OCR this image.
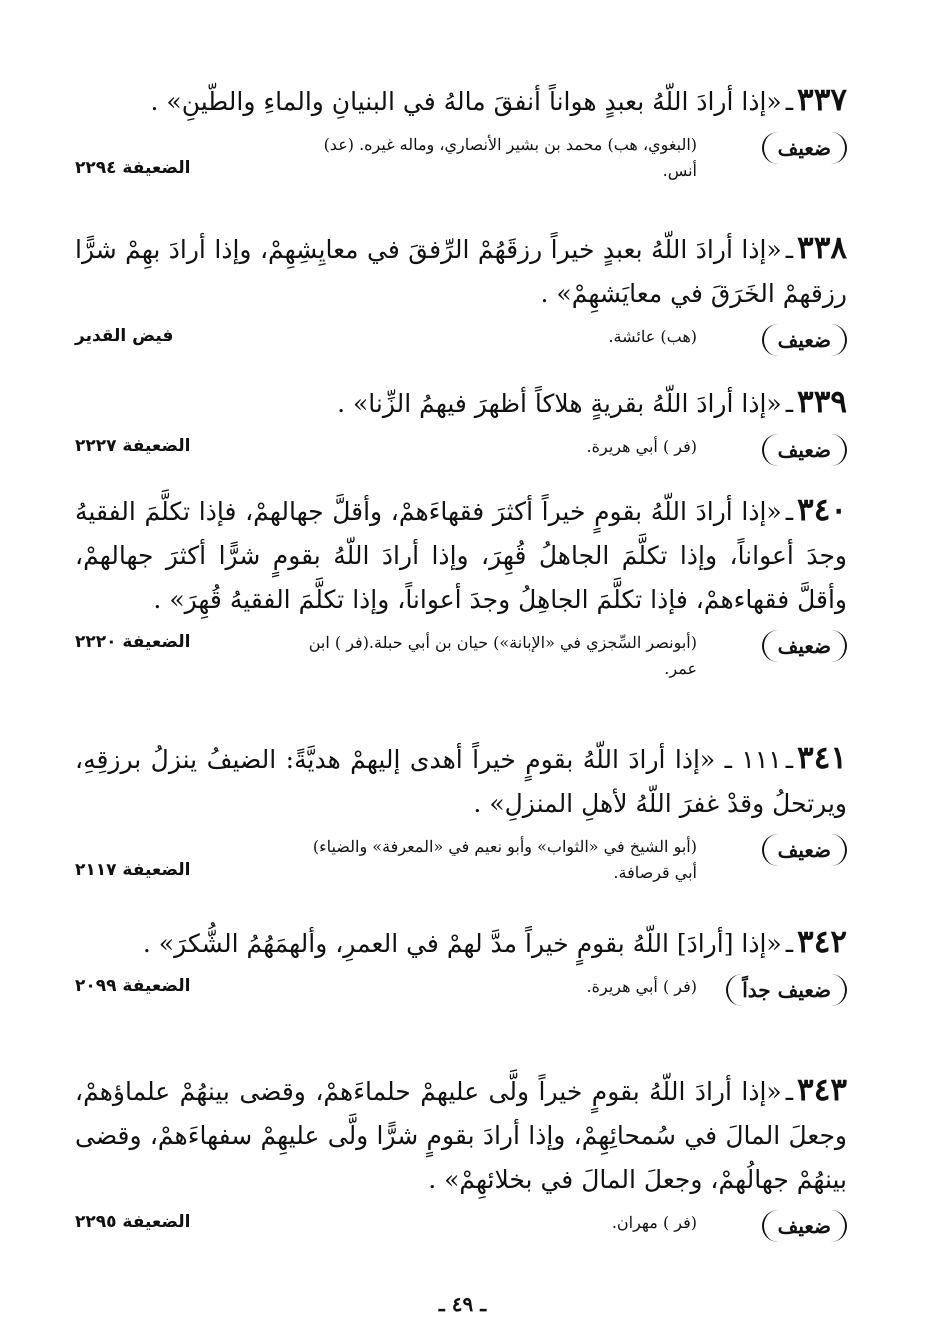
٣٣٧ـ«إذا أرادَ اللّهُ بعبدٍ هواناً أنفقَ مالهُ في البنيانِ والماءِ والطّينِ» .

ضعيف
(البغوي، هب) محمد بن بشير الأنصاري، وماله غيره. (عد) أنس.
الضعيفة ٢٢٩٤

٣٣٨ـ«إذا أرادَ اللّهُ بعبدٍ خيراً رزقَهُمْ الرِّفقَ في معايِشِهِمْ، وإذا أرادَ بهِمْ شرًّا رزقهمْ الخَرَقَ في معايَشهِمْ» .

ضعيف
(هب) عائشة.
فيض القدير

٣٣٩ـ«إذا أرادَ اللّهُ بقريةٍ هلاكاً أظهرَ فيهمُ الزِّنا» .

ضعيف
(فر ) أبي هريرة.
الضعيفة ٢٢٢٧

٣٤٠ـ«إذا أرادَ اللّهُ بقومٍ خيراً أكثرَ فقهاءَهمْ، وأقلَّ جهالهمْ، فإذا تكلَّمَ الفقيهُ وجدَ أعواناً، وإذا تكلَّمَ الجاهلُ قُهِرَ، وإذا أرادَ اللّهُ بقومٍ شرًّا أكثرَ جهالهمْ، وأقلَّ فقهاءهمْ، فإذا تكلَّمَ الجاهِلُ وجدَ أعواناً، وإذا تكلَّمَ الفقيهُ قُهِرَ» .

ضعيف
(أبونصر السِّجزي في «الإبانة») حيان بن أبي حبلة.(فر ) ابن عمر.
الضعيفة ٢٢٢٠

٣٤١ـ١١١ ـ «إذا أرادَ اللّهُ بقومٍ خيراً أهدى إليهمْ هديَّةً: الضيفُ ينزلُ برزقِهِ، ويرتحلُ وقدْ غفرَ اللّهُ لأهلِ المنزلِ» .

ضعيف
(أبو الشيخ في «الثواب» وأبو نعيم في «المعرفة» والضياء) أبي قرصافة.
الضعيفة ٢١١٧

٣٤٢ـ«إذا [أرادَ] اللّهُ بقومٍ خيراً مدَّ لهمْ في العمرِ، وألهمَهُمُ الشُّكرَ» .

ضعيف جداً
(فر ) أبي هريرة.
الضعيفة ٢٠٩٩

٣٤٣ـ«إذا أرادَ اللّهُ بقومٍ خيراً ولَّى عليهمْ حلماءَهمْ، وقضى بينهُمْ علماؤهمْ، وجعلَ المالَ في سُمحائِهِمْ، وإذا أرادَ بقومٍ شرًّا ولَّى عليهِمْ سفهاءَهمْ، وقضى بينهُمْ جهالُهمْ، وجعلَ المالَ في بخلائهِمْ» .

ضعيف
(فر ) مهران.
الضعيفة ٢٢٩٥
ـ ٤٩ ـ
